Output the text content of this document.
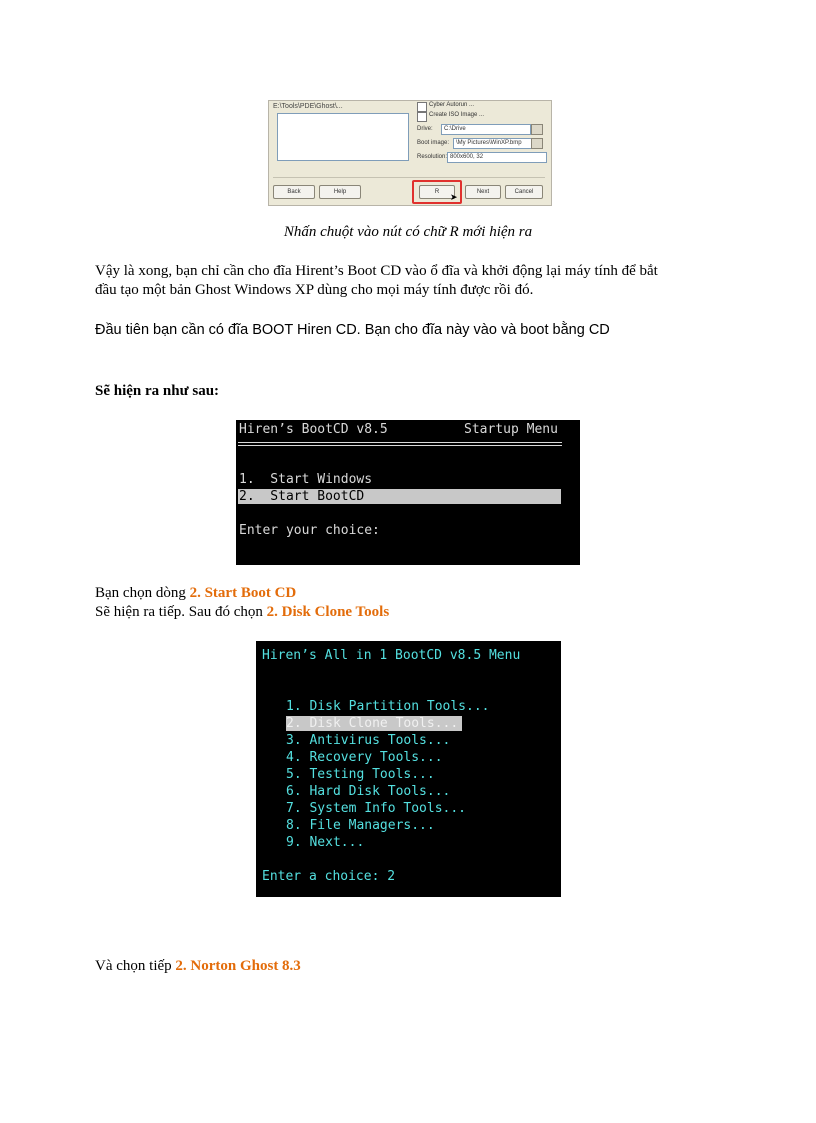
E:\Tools\PDE\Ghost\...	Cyber Autorun ...
Create ISO Image ...
Drive:	C:\Drive
Boot image:	\My Pictures\WinXP.bmp
Resolution: 800x600, 32
Back	Help	R	Next	Cancel
➤
Nhấn chuột vào nút có chữ R mới hiện ra
Vậy là xong, bạn chỉ cần cho đĩa Hirent’s Boot CD vào ổ đĩa và khởi động lại máy tính để bắt
đầu tạo một bản Ghost Windows XP dùng cho mọi máy tính được rồi đó.
Đầu tiên bạn cần có đĩa BOOT Hiren CD. Bạn cho đĩa này vào và boot bằng CD
Sẽ hiện ra như sau:
Hiren’s BootCD v8.5	Startup Menu
1.  Start Windows
2.  Start BootCD
Enter your choice:
Bạn chọn dòng 2. Start Boot CD
Sẽ hiện ra tiếp. Sau đó chọn 2. Disk Clone Tools
Hiren’s All in 1 BootCD v8.5 Menu
1. Disk Partition Tools...
2. Disk Clone Tools...
3. Antivirus Tools...
4. Recovery Tools...
5. Testing Tools...
6. Hard Disk Tools...
7. System Info Tools...
8. File Managers...
9. Next...
Enter a choice: 2
Và chọn tiếp 2. Norton Ghost 8.3
